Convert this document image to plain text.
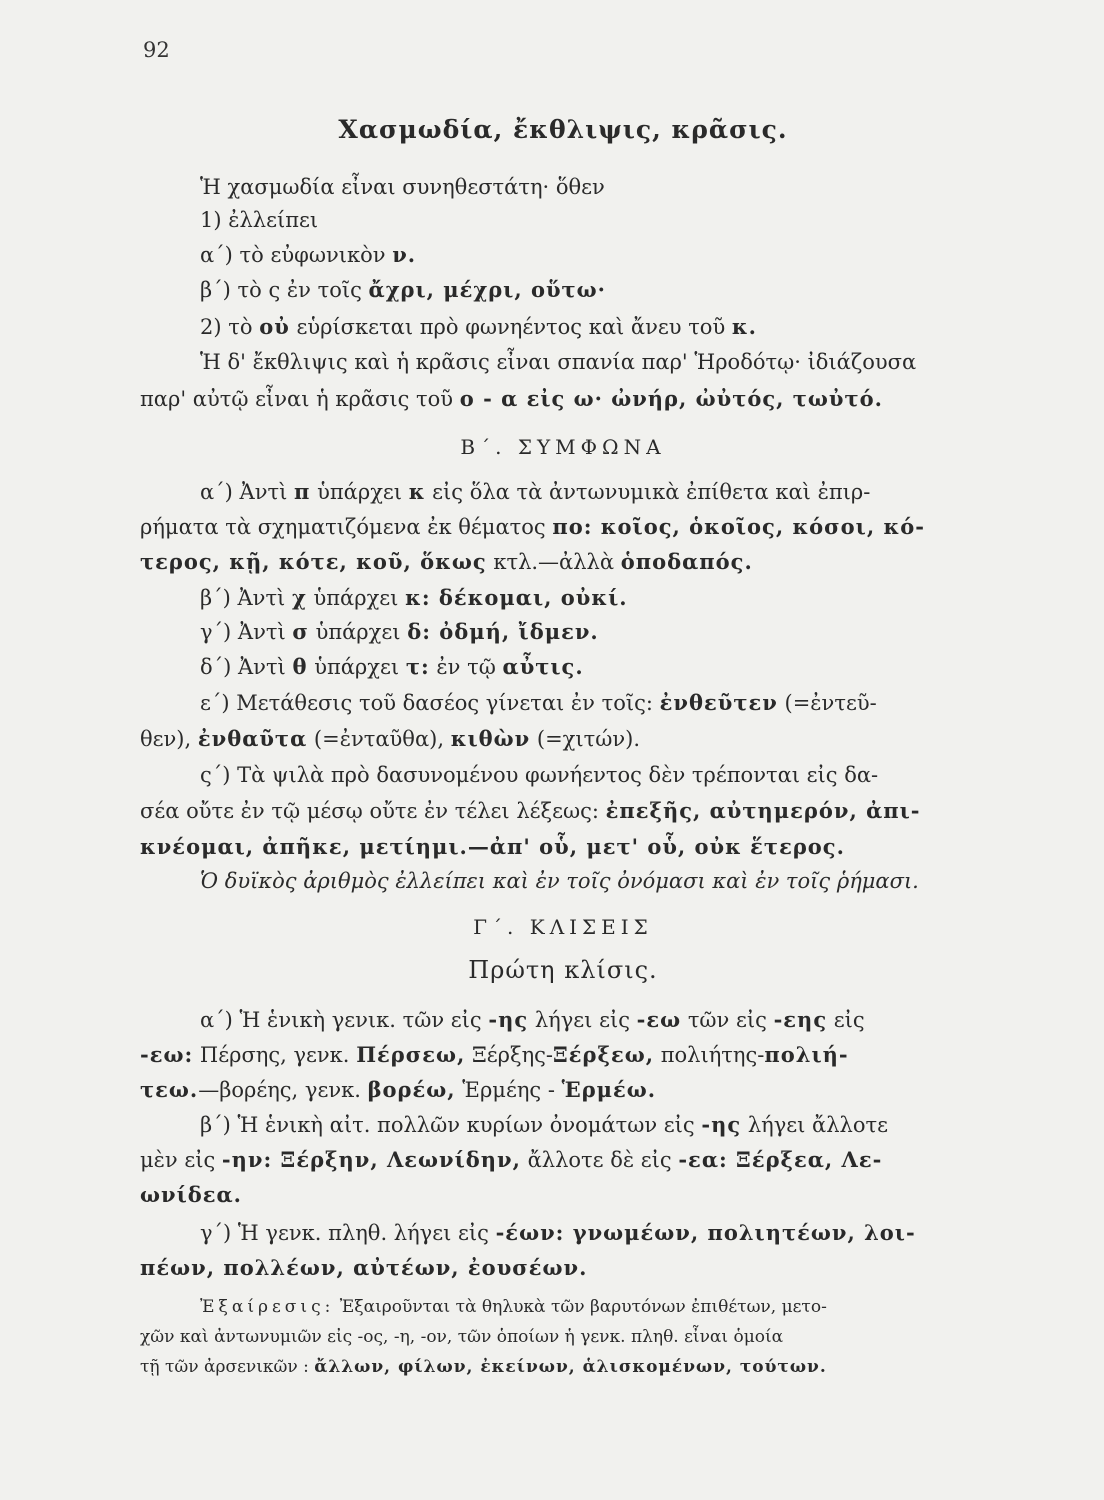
92
Χασμωδία, ἔκθλιψις, κρᾶσις.
Ἡ χασμωδία εἶναι συνηθεστάτη· ὅθεν
1) ἐλλείπει
α΄) τὸ εὐφωνικὸν ν.
β΄) τὸ ς ἐν τοῖς ἄχρι, μέχρι, οὕτω·
2) τὸ οὐ εὑρίσκεται πρὸ φωνηέντος καὶ ἄνευ τοῦ κ.
Ἡ δ' ἔκθλιψις καὶ ἡ κρᾶσις εἶναι σπανία παρ' Ἡροδότῳ· ἰδιάζουσα
παρ' αὐτῷ εἶναι ἡ κρᾶσις τοῦ ο - α εἰς ω· ὠνήρ, ὠὐτός, τωὐτό.
Β΄. ΣΥΜΦΩΝΑ
α΄) Ἀντὶ π ὑπάρχει κ εἰς ὅλα τὰ ἀντωνυμικὰ ἐπίθετα καὶ ἐπιρ-
ρήματα τὰ σχηματιζόμενα ἐκ θέματος πο: κοῖος, ὁκοῖος, κόσοι, κό-
τερος, κῇ, κότε, κοῦ, ὅκως κτλ.—ἀλλὰ ὁποδαπός.
β΄) Ἀντὶ χ ὑπάρχει κ: δέκομαι, οὐκί.
γ΄) Ἀντὶ σ ὑπάρχει δ: ὀδμή, ἴδμεν.
δ΄) Ἀντὶ θ ὑπάρχει τ: ἐν τῷ αὖτις.
ε΄) Μετάθεσις τοῦ δασέος γίνεται ἐν τοῖς: ἐνθεῦτεν (=ἐντεῦ-
θεν), ἐνθαῦτα (=ἐνταῦθα), κιθὼν (=χιτών).
ς΄) Τὰ ψιλὰ πρὸ δασυνομένου φωνήεντος δὲν τρέπονται εἰς δα-
σέα οὔτε ἐν τῷ μέσῳ οὔτε ἐν τέλει λέξεως: ἐπεξῆς, αὐτημερόν, ἀπι-
κνέομαι, ἀπῆκε, μετίημι.—ἀπ' οὗ, μετ' οὗ, οὐκ ἕτερος.
Ὁ δυϊκὸς ἀριθμὸς ἐλλείπει καὶ ἐν τοῖς ὀνόμασι καὶ ἐν τοῖς ῥήμασι.
Γ΄. ΚΛΙΣΕΙΣ
Πρώτη κλίσις.
α΄) Ἡ ἑνικὴ γενικ. τῶν εἰς -ης λήγει εἰς -εω τῶν εἰς -εης εἰς
-εω: Πέρσης, γενκ. Πέρσεω, Ξέρξης-Ξέρξεω, πολιήτης-πολιή-
τεω.—βορέης, γενκ. βορέω, Ἑρμέης - Ἑρμέω.
β΄) Ἡ ἑνικὴ αἰτ. πολλῶν κυρίων ὀνομάτων εἰς -ης λήγει ἄλλοτε
μὲν εἰς -ην: Ξέρξην, Λεωνίδην, ἄλλοτε δὲ εἰς -εα: Ξέρξεα, Λε-
ωνίδεα.
γ΄) Ἡ γενκ. πληθ. λήγει εἰς -έων: γνωμέων, πολιητέων, λοι-
πέων, πολλέων, αὐτέων, ἐουσέων.
Ἐξαίρεσις: Ἐξαιροῦνται τὰ θηλυκὰ τῶν βαρυτόνων ἐπιθέτων, μετο-
χῶν καὶ ἀντωνυμιῶν εἰς -ος, -η, -ον, τῶν ὁποίων ἡ γενκ. πληθ. εἶναι ὁμοία
τῇ τῶν ἀρσενικῶν : ἄλλων, φίλων, ἐκείνων, ἁλισκομένων, τούτων.
